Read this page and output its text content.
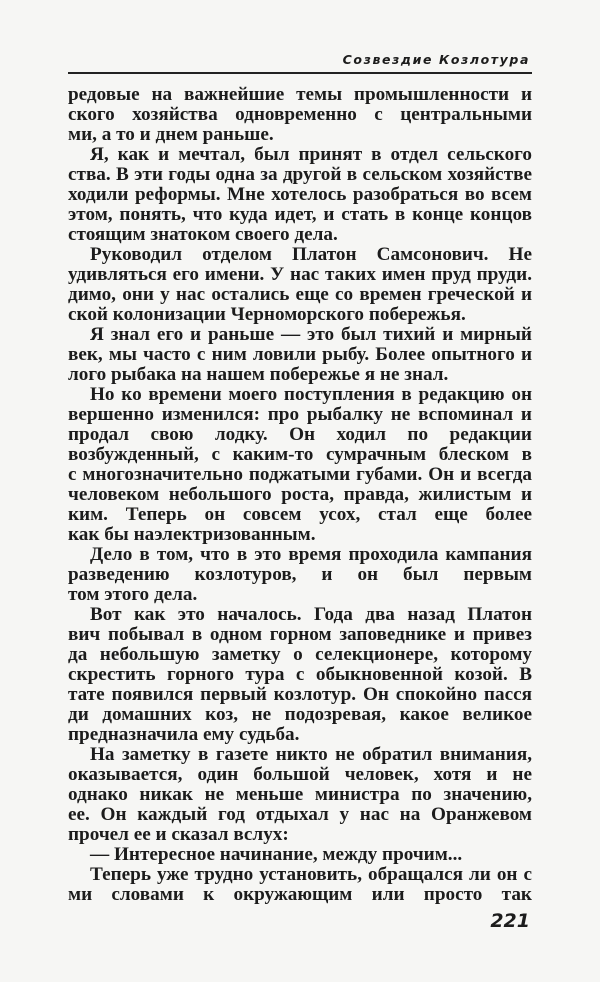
Созвездие Козлотура
редовые на важнейшие темы промышленности и
ского хозяйства одновременно с центральными
ми, а то и днем раньше.
Я, как и мечтал, был принят в отдел сельского
ства. В эти годы одна за другой в сельском хозяйстве
ходили реформы. Мне хотелось разобраться во всем
этом, понять, что куда идет, и стать в конце концов
стоящим знатоком своего дела.
Руководил отделом Платон Самсонович. Не
удивляться его имени. У нас таких имен пруд пруди.
димо, они у нас остались еще со времен греческой и
ской колонизации Черноморского побережья.
Я знал его и раньше — это был тихий и мирный
век, мы часто с ним ловили рыбу. Более опытного и
лого рыбака на нашем побережье я не знал.
Но ко времени моего поступления в редакцию он
вершенно изменился: про рыбалку не вспоминал и
продал свою лодку. Он ходил по редакции
возбужденный, с каким-то сумрачным блеском в
с многозначительно поджатыми губами. Он и всегда
человеком небольшого роста, правда, жилистым и
ким. Теперь он совсем усох, стал еще более
как бы наэлектризованным.
Дело в том, что в это время проходила кампания
разведению козлотуров, и он был первым
том этого дела.
Вот как это началось. Года два назад Платон
вич побывал в одном горном заповеднике и привез
да небольшую заметку о селекционере, которому
скрестить горного тура с обыкновенной козой. В
тате появился первый козлотур. Он спокойно пасся
ди домашних коз, не подозревая, какое великое
предназначила ему судьба.
На заметку в газете никто не обратил внимания,
оказывается, один большой человек, хотя и не
однако никак не меньше министра по значению,
ее. Он каждый год отдыхал у нас на Оранжевом
прочел ее и сказал вслух:
— Интересное начинание, между прочим...
Теперь уже трудно установить, обращался ли он с
ми словами к окружающим или просто так
221
